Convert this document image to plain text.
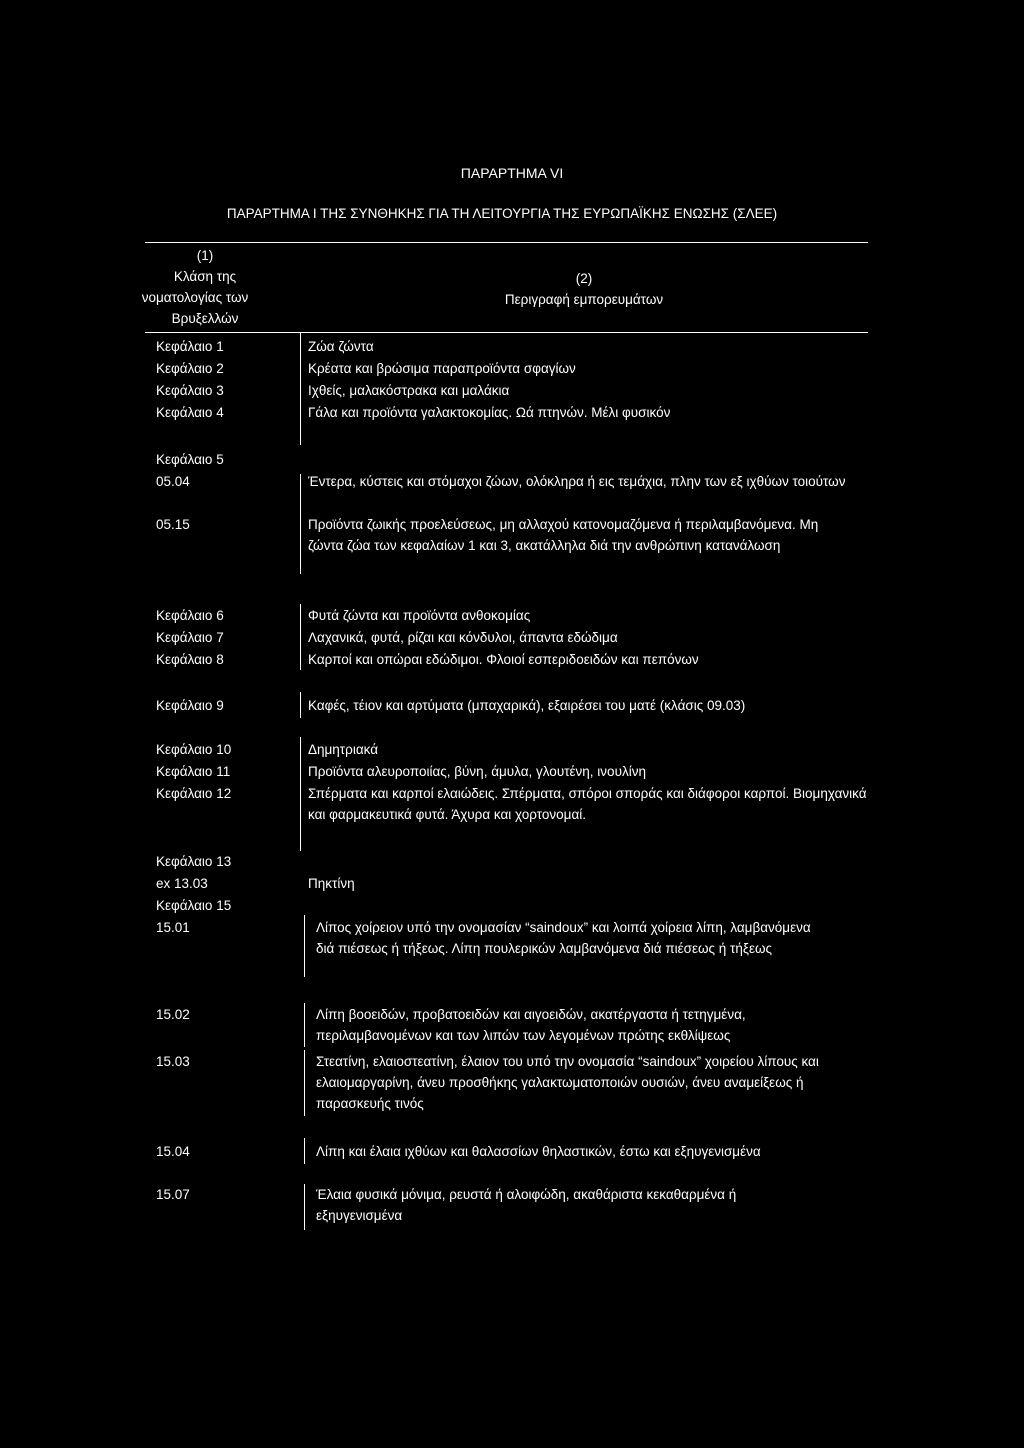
ΠΑΡΑΡΤΗΜΑ VI
ΠΑΡΑΡΤΗΜΑ Ι ΤΗΣ ΣΥΝΘΗΚΗΣ ΓΙΑ ΤΗ ΛΕΙΤΟΥΡΓΙΑ ΤΗΣ ΕΥΡΩΠΑΪΚΗΣ ΕΝΩΣΗΣ (ΣΛΕΕ)
(1)
Κλάση της
νοματολογίας των
Βρυξελλών
(2)
Περιγραφή εμπορευμάτων
Κεφάλαιο 1
Κεφάλαιο 2
Κεφάλαιο 3
Κεφάλαιο 4
Κεφάλαιο 5
05.04
05.15
Κεφάλαιο 6
Κεφάλαιο 7
Κεφάλαιο 8
Κεφάλαιο 9
Κεφάλαιο 10
Κεφάλαιο 11
Κεφάλαιο 12
Κεφάλαιο 13
ex 13.03
Κεφάλαιο 15
15.01
15.02
15.03
15.04
15.07
Ζώα ζώντα
Κρέατα και βρώσιμα παραπροϊόντα σφαγίων
Ιχθείς, μαλακόστρακα και μαλάκια
Γάλα και προϊόντα γαλακτοκομίας. Ωά πτηνών. Μέλι φυσικόν
Έντερα, κύστεις και στόμαχοι ζώων, ολόκληρα ή εις τεμάχια, πλην των εξ ιχθύων τοιούτων
Προϊόντα ζωικής προελεύσεως, μη αλλαχού κατονομαζόμενα ή περιλαμβανόμενα. Μη ζώντα ζώα των κεφαλαίων 1 και 3, ακατάλληλα διά την ανθρώπινη κατανάλωση
Φυτά ζώντα και προϊόντα ανθοκομίας
Λαχανικά, φυτά, ρίζαι και κόνδυλοι, άπαντα εδώδιμα
Καρποί και οπώραι εδώδιμοι. Φλοιοί εσπεριδοειδών και πεπόνων
Καφές, τέιον και αρτύματα (μπαχαρικά), εξαιρέσει του ματέ (κλάσις 09.03)
Δημητριακά
Προϊόντα αλευροποιίας, βύνη, άμυλα, γλουτένη, ινουλίνη
Σπέρματα και καρποί ελαιώδεις. Σπέρματα, σπόροι σποράς και διάφοροι καρποί. Βιομηχανικά και φαρμακευτικά φυτά. Άχυρα και χορτονομαί.
Πηκτίνη
Λίπος χοίρειον υπό την ονομασίαν “saindoux” και λοιπά χοίρεια λίπη, λαμβανόμενα διά πιέσεως ή τήξεως. Λίπη πουλερικών λαμβανόμενα διά πιέσεως ή τήξεως
Λίπη βοοειδών, προβατοειδών και αιγοειδών, ακατέργαστα ή τετηγμένα, περιλαμβανομένων και των λιπών των λεγομένων πρώτης εκθλίψεως
Στεατίνη, ελαιοστεατίνη, έλαιον του υπό την ονομασία “saindoux” χοιρείου λίπους και ελαιομαργαρίνη, άνευ προσθήκης γαλακτωματοποιών ουσιών, άνευ αναμείξεως ή παρασκευής τινός
Λίπη και έλαια ιχθύων και θαλασσίων θηλαστικών, έστω και εξηυγενισμένα
Έλαια φυσικά μόνιμα, ρευστά ή αλοιφώδη, ακαθάριστα κεκαθαρμένα ή εξηυγενισμένα
